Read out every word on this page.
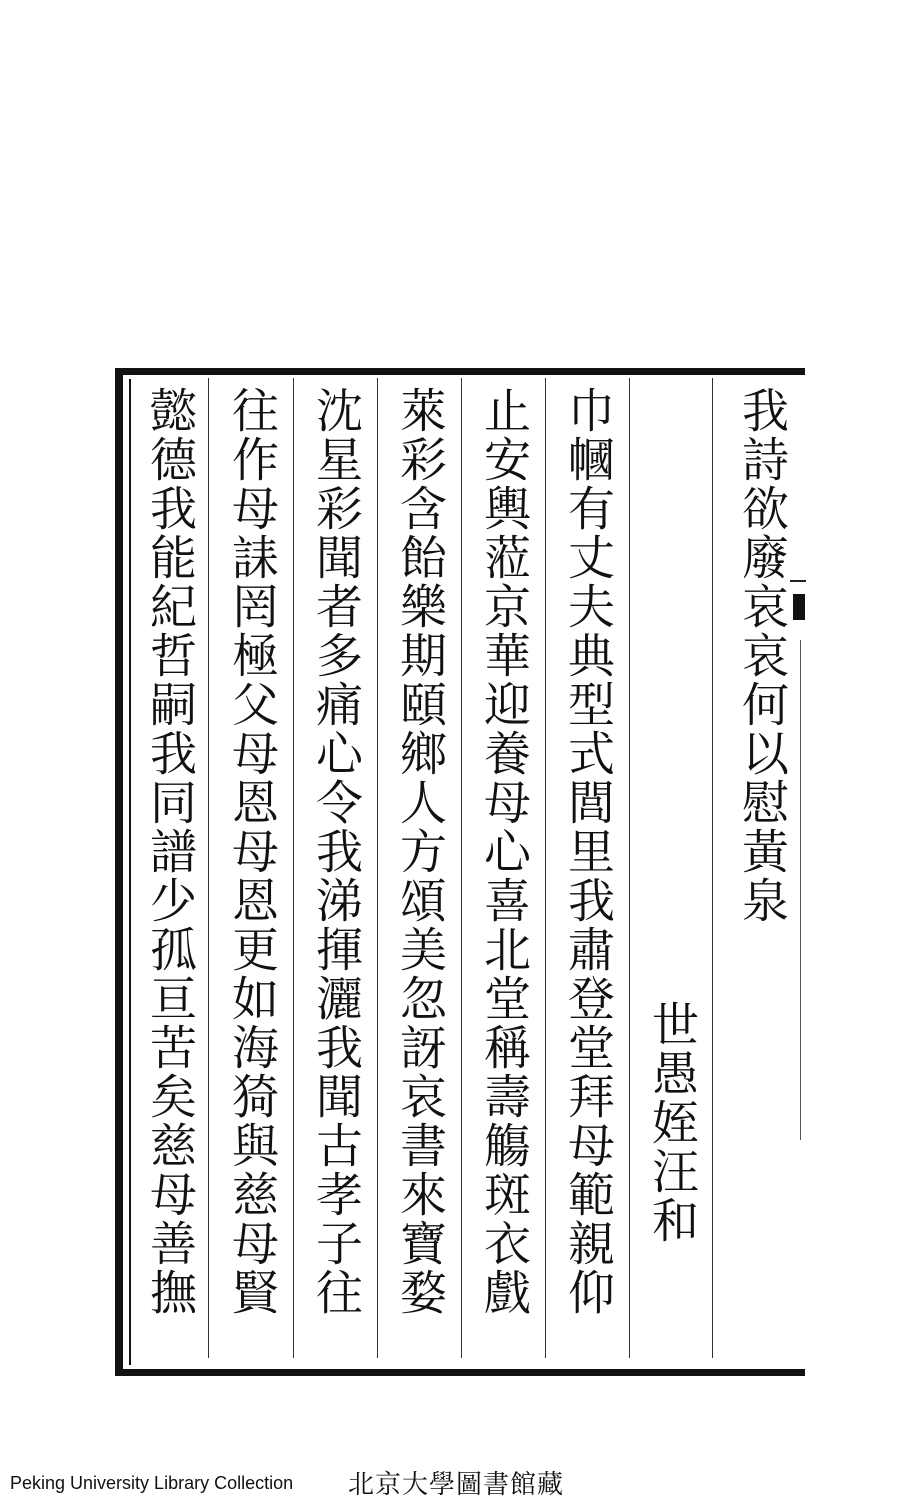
我詩欲廢哀哀何以慰黃泉
世愚姪汪和
巾幗有丈夫典型式閭里我肅登堂拜母範親仰
止安輿蒞京華迎養母心喜北堂稱壽觴斑衣戲
萊彩含飴樂期頤鄉人方頌美忽訝哀書來寶婺
沈星彩聞者多痛心令我涕揮灑我聞古孝子往
往作母誄罔極父母恩母恩更如海猗與慈母賢
懿德我能紀哲嗣我同譜少孤亘苦矣慈母善撫
Peking University Library Collection 北京大學圖書館藏
